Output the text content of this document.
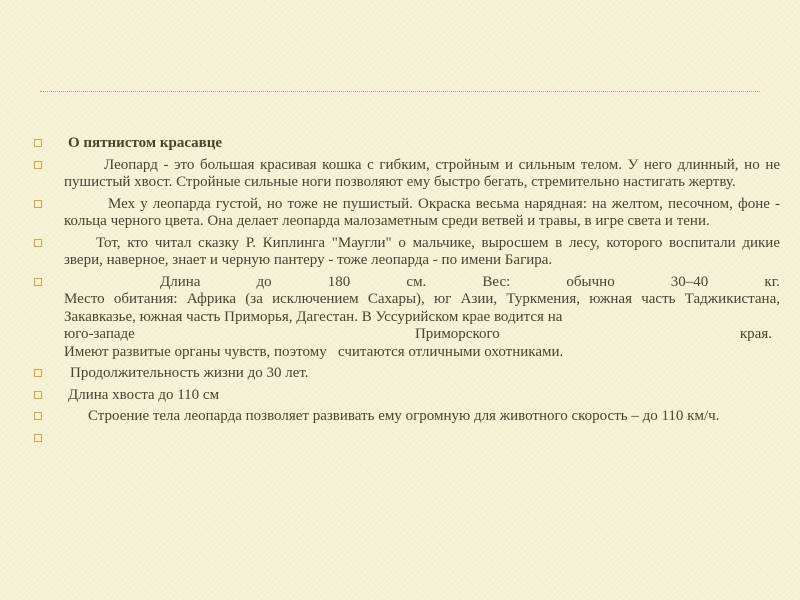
О пятнистом красавце
Леопард - это большая красивая кошка с гибким, стройным и сильным телом. У него длинный, но не пушистый хвост. Стройные сильные ноги позволяют ему быстро бегать, стремительно настигать жертву.
Мех у леопарда густой, но тоже не пушистый. Окраска весьма нарядная: на желтом, песочном, фоне - кольца черного цвета. Она делает леопарда малозаметным среди ветвей и травы, в игре света и тени.
Тот, кто читал сказку Р. Киплинга "Маугли" о мальчике, выросшем в лесу, которого воспитали дикие звери, наверное, знает и черную пантеру - тоже леопарда - по имени Багира.
Длина	до	180	см.	Вес:	обычно	30–40	кг.
Место обитания: Африка (за исключением Сахары), юг Азии, Туркмения, южная часть Таджикистана, Закавказье, южная часть Приморья, Дагестан. В Уссурийском крае водится на
юго-западе	Приморского	края.
Имеют развитые органы чувств, поэтому   считаются отличными охотниками.
Продолжительность жизни до 30 лет.
Длина хвоста до 110 см
Строение тела леопарда позволяет развивать ему огромную для животного скорость – до 110 км/ч.
